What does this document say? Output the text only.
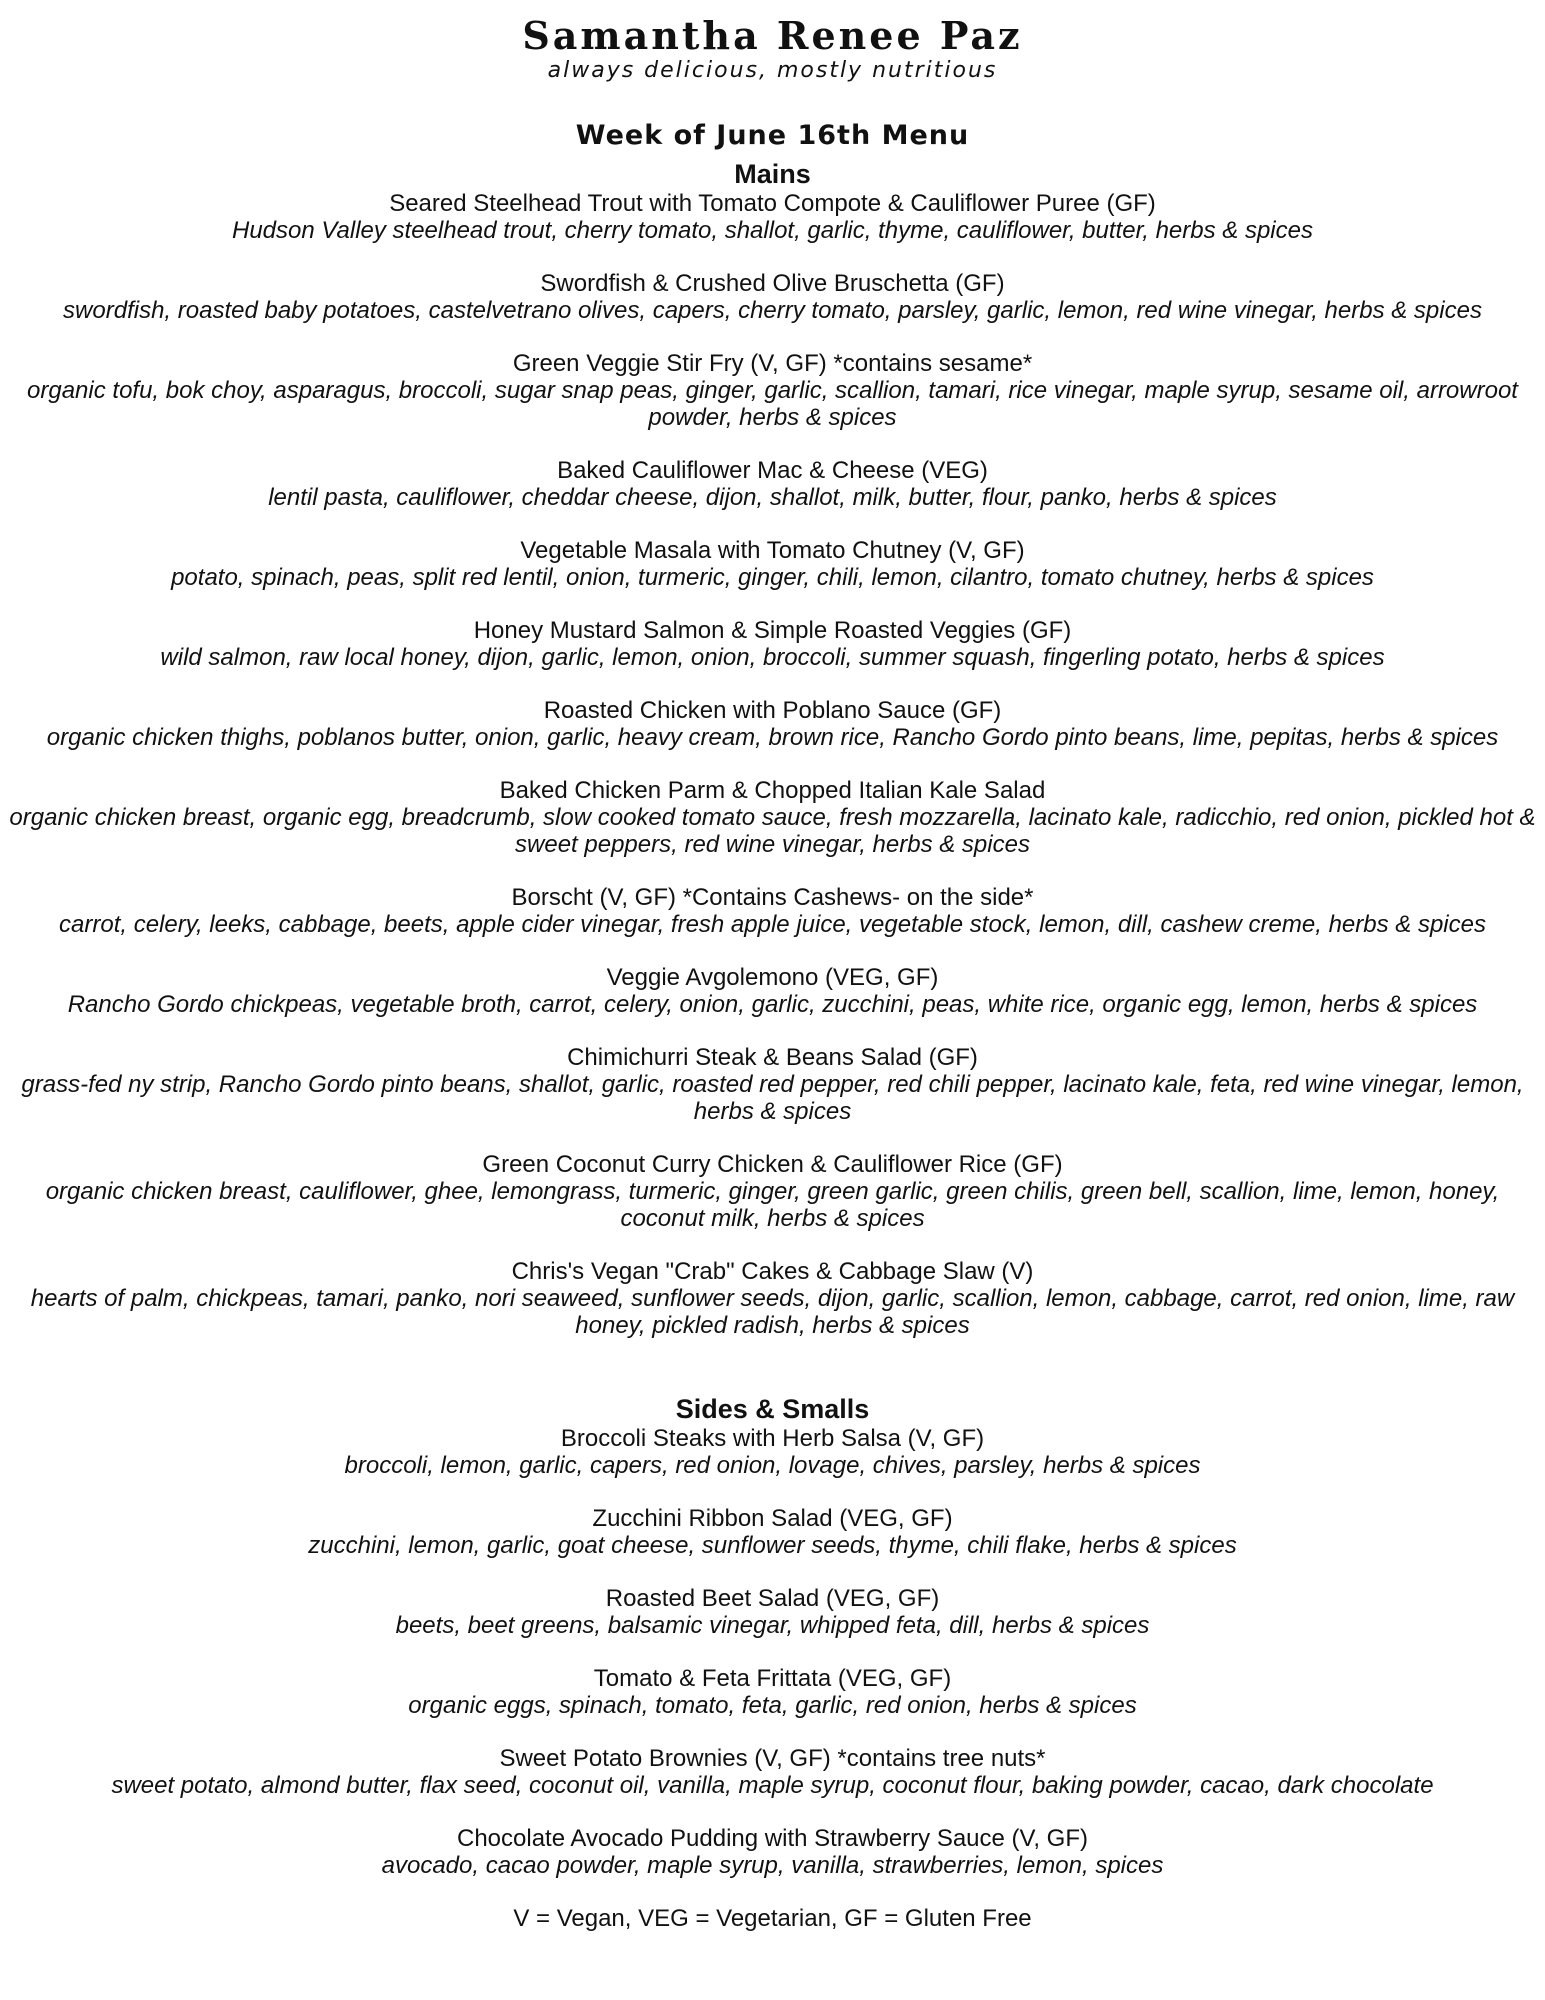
Samantha Renee Paz
always delicious, mostly nutritious
Week of June 16th Menu
Mains
Seared Steelhead Trout with Tomato Compote & Cauliflower Puree (GF)
Hudson Valley steelhead trout, cherry tomato, shallot, garlic, thyme, cauliflower, butter, herbs & spices
Swordfish & Crushed Olive Bruschetta (GF)
swordfish, roasted baby potatoes, castelvetrano olives, capers, cherry tomato, parsley, garlic, lemon, red wine vinegar, herbs & spices
Green Veggie Stir Fry (V, GF) *contains sesame*
organic tofu, bok choy, asparagus, broccoli, sugar snap peas, ginger, garlic, scallion, tamari, rice vinegar, maple syrup, sesame oil, arrowroot powder, herbs & spices
Baked Cauliflower Mac & Cheese (VEG)
lentil pasta, cauliflower, cheddar cheese, dijon, shallot, milk, butter, flour, panko, herbs & spices
Vegetable Masala with Tomato Chutney (V, GF)
potato, spinach, peas, split red lentil, onion, turmeric, ginger, chili, lemon, cilantro, tomato chutney, herbs & spices
Honey Mustard Salmon & Simple Roasted Veggies (GF)
wild salmon, raw local honey, dijon, garlic, lemon, onion, broccoli, summer squash, fingerling potato, herbs & spices
Roasted Chicken with Poblano Sauce (GF)
organic chicken thighs, poblanos butter, onion, garlic, heavy cream, brown rice, Rancho Gordo pinto beans, lime, pepitas, herbs & spices
Baked Chicken Parm & Chopped Italian Kale Salad
organic chicken breast, organic egg, breadcrumb, slow cooked tomato sauce, fresh mozzarella, lacinato kale, radicchio, red onion, pickled hot & sweet peppers, red wine vinegar, herbs & spices
Borscht (V, GF) *Contains Cashews- on the side*
carrot, celery, leeks, cabbage, beets, apple cider vinegar, fresh apple juice, vegetable stock, lemon, dill, cashew creme, herbs & spices
Veggie Avgolemono (VEG, GF)
Rancho Gordo chickpeas, vegetable broth, carrot, celery, onion, garlic, zucchini, peas, white rice, organic egg, lemon, herbs & spices
Chimichurri Steak & Beans Salad (GF)
grass-fed ny strip, Rancho Gordo pinto beans, shallot, garlic, roasted red pepper, red chili pepper, lacinato kale, feta, red wine vinegar, lemon, herbs & spices
Green Coconut Curry Chicken & Cauliflower Rice (GF)
organic chicken breast, cauliflower, ghee, lemongrass, turmeric, ginger, green garlic, green chilis, green bell, scallion, lime, lemon, honey, coconut milk, herbs & spices
Chris's Vegan "Crab" Cakes & Cabbage Slaw (V)
hearts of palm, chickpeas, tamari, panko, nori seaweed, sunflower seeds, dijon, garlic, scallion, lemon, cabbage, carrot, red onion, lime, raw honey, pickled radish, herbs & spices
Sides & Smalls
Broccoli Steaks with Herb Salsa (V, GF)
broccoli, lemon, garlic, capers, red onion, lovage, chives, parsley, herbs & spices
Zucchini Ribbon Salad (VEG, GF)
zucchini, lemon, garlic, goat cheese, sunflower seeds, thyme, chili flake, herbs & spices
Roasted Beet Salad (VEG, GF)
beets, beet greens, balsamic vinegar, whipped feta, dill, herbs & spices
Tomato & Feta Frittata (VEG, GF)
organic eggs, spinach, tomato, feta, garlic, red onion, herbs & spices
Sweet Potato Brownies (V, GF) *contains tree nuts*
sweet potato, almond butter, flax seed, coconut oil, vanilla, maple syrup, coconut flour, baking powder, cacao, dark chocolate
Chocolate Avocado Pudding with Strawberry Sauce (V, GF)
avocado, cacao powder, maple syrup, vanilla, strawberries, lemon, spices
V = Vegan, VEG = Vegetarian, GF = Gluten Free
